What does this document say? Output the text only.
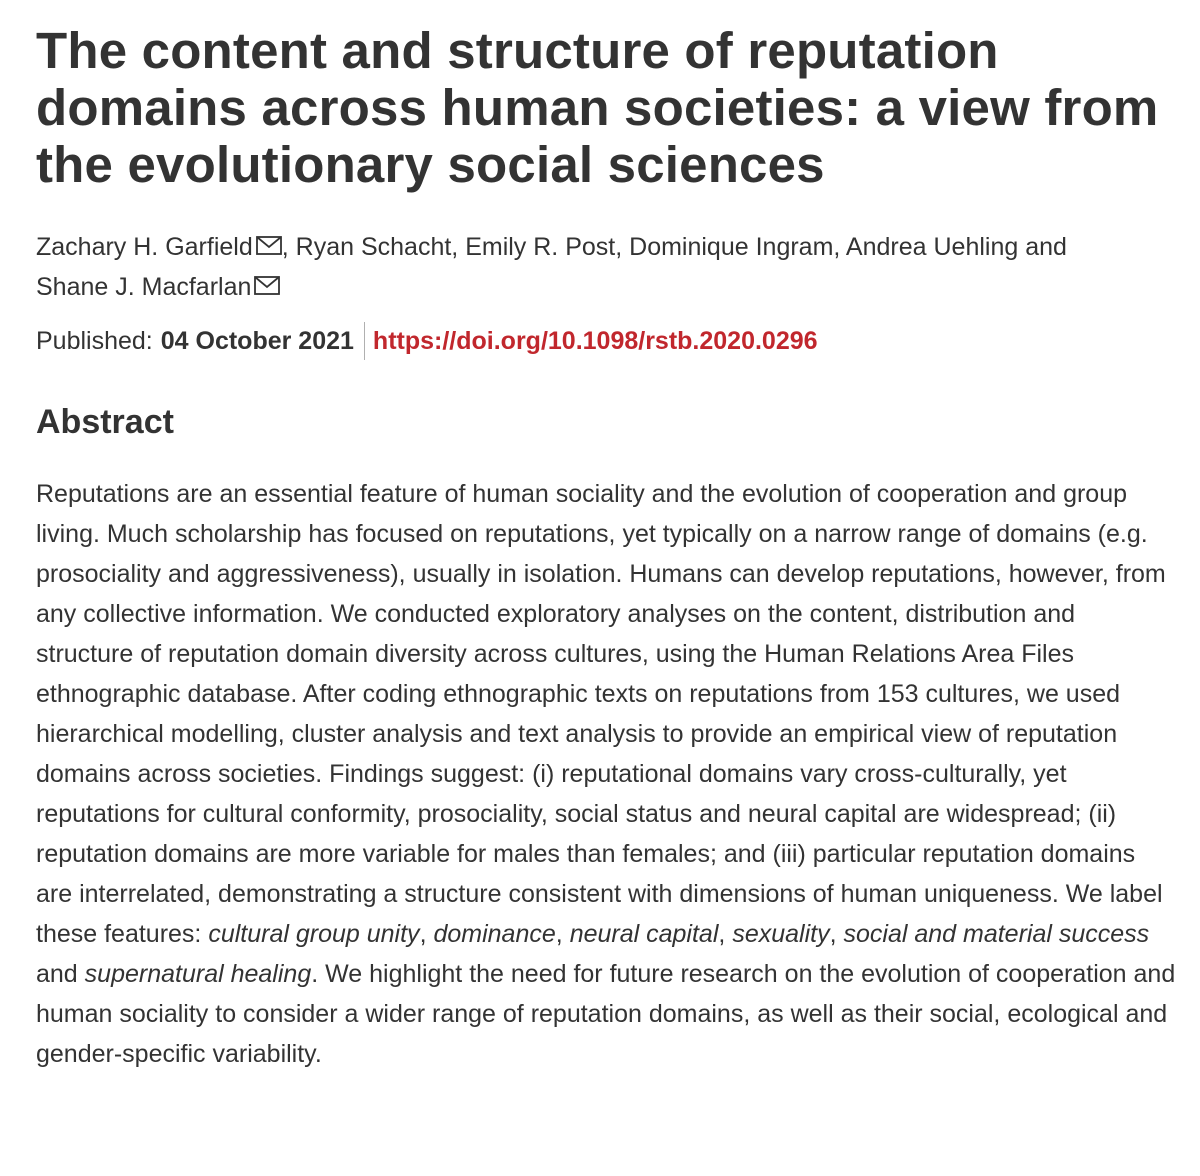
The content and structure of reputation domains across human societies: a view from the evolutionary social sciences
Zachary H. Garfield , Ryan Schacht, Emily R. Post, Dominique Ingram, Andrea Uehling and Shane J. Macfarlan
Published: 04 October 2021 https://doi.org/10.1098/rstb.2020.0296
Abstract

Reputations are an essential feature of human sociality and the evolution of cooperation and group living. Much scholarship has focused on reputations, yet typically on a narrow range of domains (e.g. prosociality and aggressiveness), usually in isolation. Humans can develop reputations, however, from any collective information. We conducted exploratory analyses on the content, distribution and structure of reputation domain diversity across cultures, using the Human Relations Area Files ethnographic database. After coding ethnographic texts on reputations from 153 cultures, we used hierarchical modelling, cluster analysis and text analysis to provide an empirical view of reputation domains across societies. Findings suggest: (i) reputational domains vary cross-culturally, yet reputations for cultural conformity, prosociality, social status and neural capital are widespread; (ii) reputation domains are more variable for males than females; and (iii) particular reputation domains are interrelated, demonstrating a structure consistent with dimensions of human uniqueness. We label these features: cultural group unity, dominance, neural capital, sexuality, social and material success and supernatural healing. We highlight the need for future research on the evolution of cooperation and human sociality to consider a wider range of reputation domains, as well as their social, ecological and gender-specific variability.
